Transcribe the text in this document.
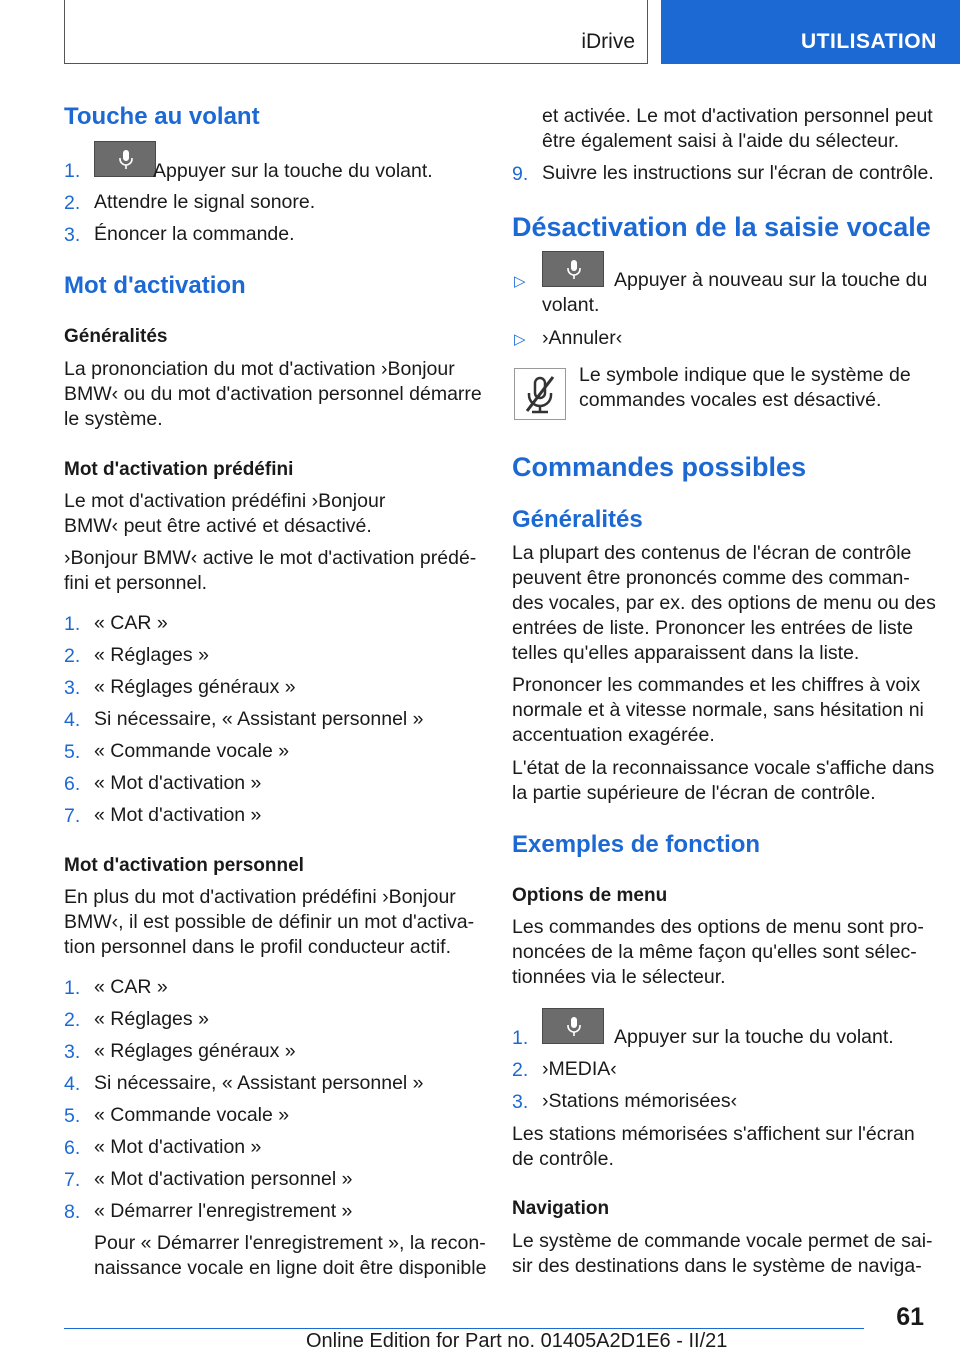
iDrive	UTILISATION
Touche au volant
1.	Appuyer sur la touche du volant.
2. Attendre le signal sonore.
3. Énoncer la commande.
Mot d'activation
Généralités
La prononciation du mot d'activation ›Bonjour
BMW‹ ou du mot d'activation personnel démarre
le système.
Mot d'activation prédéfini
Le mot d'activation prédéfini ›Bonjour
BMW‹ peut être activé et désactivé.
›Bonjour BMW‹ active le mot d'activation prédé-
fini et personnel.
1. « CAR »
2. « Réglages »
3. « Réglages généraux »
4. Si nécessaire, « Assistant personnel »
5. « Commande vocale »
6. « Mot d'activation »
7. « Mot d'activation »
Mot d'activation personnel
En plus du mot d'activation prédéfini ›Bonjour
BMW‹, il est possible de définir un mot d'activa-
tion personnel dans le profil conducteur actif.
1. « CAR »
2. « Réglages »
3. « Réglages généraux »
4. Si nécessaire, « Assistant personnel »
5. « Commande vocale »
6. « Mot d'activation »
7. « Mot d'activation personnel »
8. « Démarrer l'enregistrement »
Pour « Démarrer l'enregistrement », la recon-
naissance vocale en ligne doit être disponible
et activée. Le mot d'activation personnel peut
être également saisi à l'aide du sélecteur.
9. Suivre les instructions sur l'écran de contrôle.
Désactivation de la saisie vocale
▷	Appuyer à nouveau sur la touche du
volant.
▷ ›Annuler‹
Le symbole indique que le système de
commandes vocales est désactivé.
Commandes possibles
Généralités
La plupart des contenus de l'écran de contrôle
peuvent être prononcés comme des comman-
des vocales, par ex. des options de menu ou des
entrées de liste. Prononcer les entrées de liste
telles qu'elles apparaissent dans la liste.
Prononcer les commandes et les chiffres à voix
normale et à vitesse normale, sans hésitation ni
accentuation exagérée.
L'état de la reconnaissance vocale s'affiche dans
la partie supérieure de l'écran de contrôle.
Exemples de fonction
Options de menu
Les commandes des options de menu sont pro-
noncées de la même façon qu'elles sont sélec-
tionnées via le sélecteur.
1.	Appuyer sur la touche du volant.
2. ›MEDIA‹
3. ›Stations mémorisées‹
Les stations mémorisées s'affichent sur l'écran
de contrôle.
Navigation
Le système de commande vocale permet de sai-
sir des destinations dans le système de naviga-
61
Online Edition for Part no. 01405A2D1E6 - II/21
